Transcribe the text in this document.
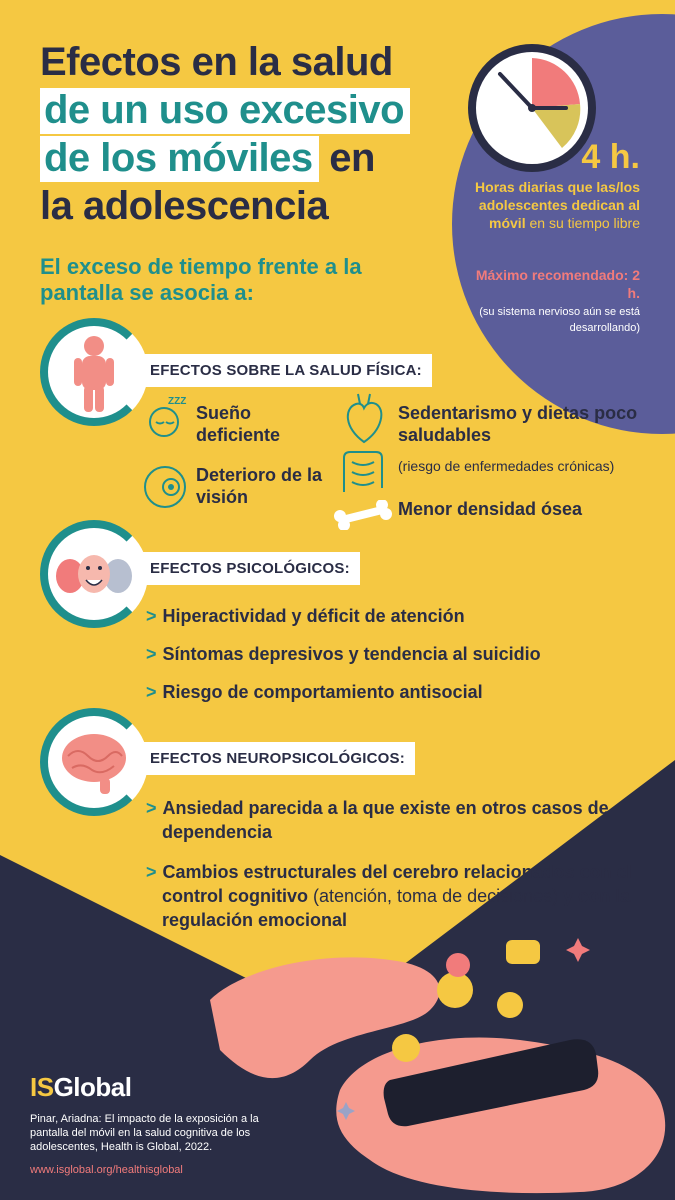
4 h.
Horas diarias que las/los adolescentes dedican al móvil en su tiempo libre
Máximo recomendado: 2 h.
(su sistema nervioso aún se está desarrollando)
Efectos en la salud
de un uso excesivo
de los móviles en
la adolescencia
El exceso de tiempo frente a la pantalla se asocia a:
EFECTOS SOBRE LA SALUD FÍSICA:
ZZZ
Sueño deficiente
Deterioro de la visión
Sedentarismo y dietas poco saludables
(riesgo de enfermedades crónicas)
Menor densidad ósea
EFECTOS PSICOLÓGICOS:
> Hiperactividad y déficit de atención
> Síntomas depresivos y tendencia al suicidio
> Riesgo de comportamiento antisocial
EFECTOS NEUROPSICOLÓGICOS:
> Ansiedad parecida a la que existe en otros casos de dependencia
> Cambios estructurales del cerebro relacionados con el control cognitivo (atención, toma de decisiones) y con la regulación emocional
ISGlobal
Pinar, Ariadna: El impacto de la exposición a la pantalla del móvil en la salud cognitiva de los adolescentes, Health is Global, 2022.
www.isglobal.org/healthisglobal
